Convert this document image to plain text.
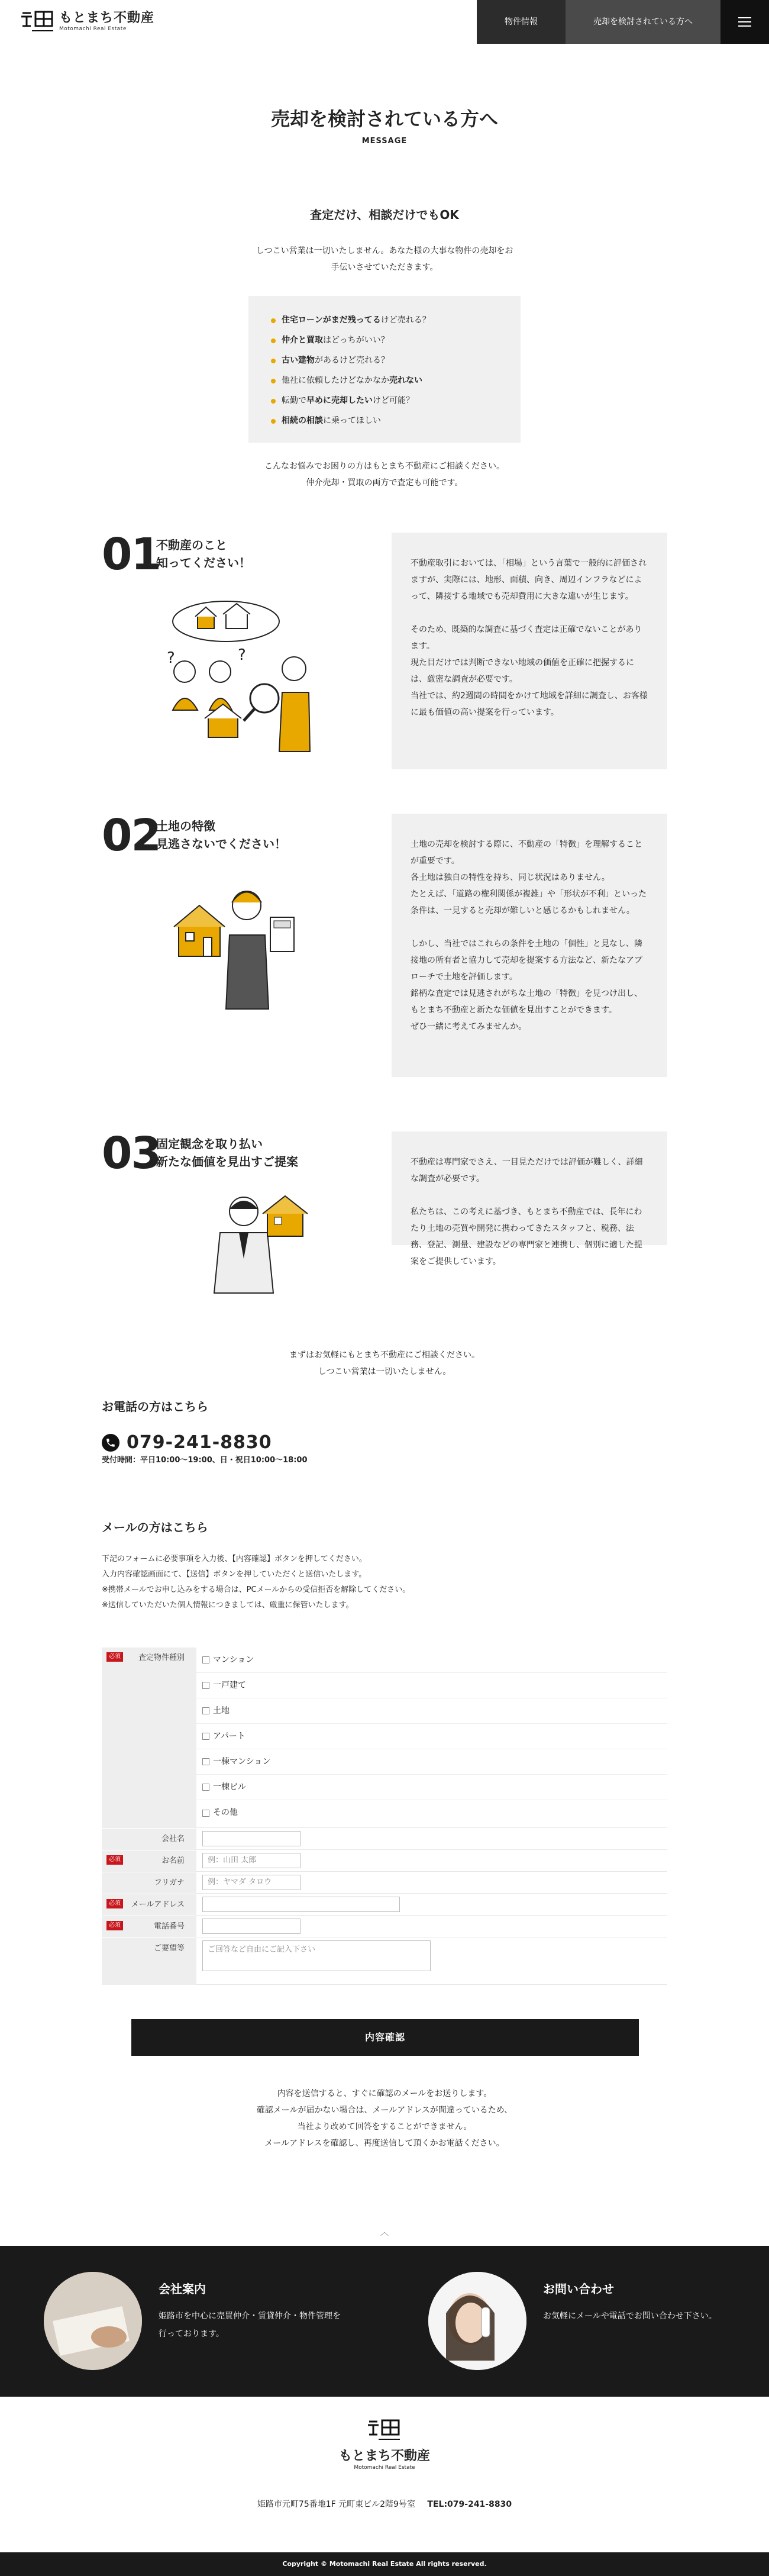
もとまち不動産
Motomachi Real Estate
物件情報	売却を検討されている方へ
売却を検討されている方へ
MESSAGE
査定だけ、相談だけでもOK
しつこい営業は一切いたしません。あなた様の大事な物件の売却をお
手伝いさせていただきます。
住宅ローンがまだ残ってるけど売れる？
仲介と買取はどっちがいい？
古い建物があるけど売れる？
他社に依頼したけどなかなか売れない
転勤で早めに売却したいけど可能？
相続の相談に乗ってほしい
こんなお悩みでお困りの方はもとまち不動産にご相談ください。
仲介売却・買取の両方で査定も可能です。
01
不動産のこと
知ってください！
?	?

不動産取引においては、「相場」という言葉で一般的に評価されますが、実際には、地形、面積、向き、周辺インフラなどによって、隣接する地域でも売却費用に大きな違いが生じます。

そのため、既築的な調査に基づく査定は正確でないことがあります。
現た目だけでは判断できない地域の価値を正確に把握するには、厳密な調査が必要です。
当社では、約2週間の時間をかけて地域を詳細に調査し、お客様に最も価値の高い提案を行っています。

02
土地の特徴
見逃さないでください！	土地の売却を検討する際に、不動産の「特徴」を理解することが重要です。
各土地は独自の特性を持ち、同じ状況はありません。
たとえば、「道路の権利関係が複雑」や「形状が不利」といった条件は、一見すると売却が難しいと感じるかもしれません。

しかし、当社ではこれらの条件を土地の「個性」と見なし、隣接地の所有者と協力して売却を提案する方法など、新たなアプローチで土地を評価します。
銘柄な査定では見逃されがちな土地の「特徴」を見つけ出し、もとまち不動産と新たな価値を見出すことができます。
ぜひ一緒に考えてみませんか。

03
固定観念を取り払い
新たな価値を見出すご提案	不動産は専門家でさえ、一目見ただけでは評価が難しく、詳細な調査が必要です。

私たちは、この考えに基づき、もとまち不動産では、長年にわたり土地の売買や開発に携わってきたスタッフと、税務、法務、登記、測量、建設などの専門家と連携し、個別に適した提案をご提供しています。

まずはお気軽にもとまち不動産にご相談ください。
しつこい営業は一切いたしません。
お電話の方はこちら
079-241-8830
受付時間：平日10:00〜19:00、日・祝日10:00〜18:00
メールの方はこちら
下記のフォームに必要事項を入力後、【内容確認】ボタンを押してください。
入力内容確認画面にて、【送信】ボタンを押していただくと送信いたします。
※携帯メールでお申し込みをする場合は、PCメールからの受信拒否を解除してください。
※送信していただいた個人情報につきましては、厳重に保管いたします。
必須	査定物件種別	マンション
一戸建て
土地
アパート
一棟マンション
一棟ビル
その他
会社名
必須	お名前	例：山田 太郎
フリガナ	例：ヤマダ タロウ
必須	メールアドレス
必須	電話番号
ご要望等	ご回答など自由にご記入下さい
内容確認
内容を送信すると、すぐに確認のメールをお送りします。
確認メールが届かない場合は、メールアドレスが間違っているため、
当社より改めて回答をすることができません。
メールアドレスを確認し、再度送信して頂くかお電話ください。
︿
会社案内
姫路市を中心に売買仲介・賃貸仲介・物件管理を行っております。
お問い合わせ
お気軽にメールや電話でお問い合わせ下さい。
もとまち不動産
Motomachi Real Estate
姫路市元町75番地1F 元町東ビル2階9号室 TEL:079-241-8830
Copyright © Motomachi Real Estate All rights reserved.
